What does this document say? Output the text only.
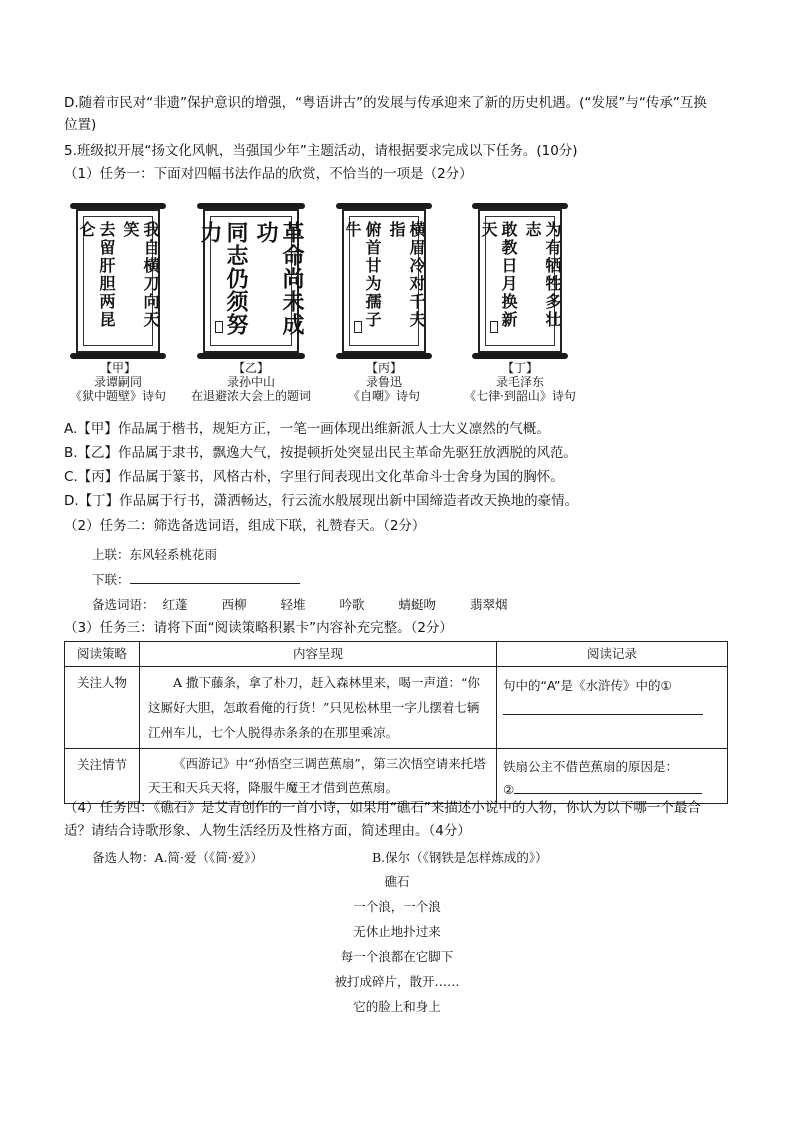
D.随着市民对“非遗”保护意识的增强，“粤语讲古”的发展与传承迎来了新的历史机遇。(“发展”与“传承”互换
位置)
5.班级拟开展“扬文化风帆，当强国少年”主题活动，请根据要求完成以下任务。(10分)
（1）任务一：下面对四幅书法作品的欣赏，不恰当的一项是（2分）
我自横刀向天笑
去留肝胆两昆仑	革命尚未成功
同志仍须努力	横眉冷对千夫指
俯首甘为孺子牛	为有牺牲多壮志
敢教日月换新天
【甲】
录谭嗣同
《狱中题壁》诗句
【乙】
录孙中山
在退避浓大会上的题词
【丙】
录鲁迅
《自嘲》诗句
【丁】
录毛泽东
《七律·到韶山》诗句
A.【甲】作品属于楷书，规矩方正，一笔一画体现出维新派人士大义凛然的气概。
B.【乙】作品属于隶书，飘逸大气，按提顿折处突显出民主革命先驱狂放洒脱的风范。
C.【丙】作品属于篆书，风格古朴，字里行间表现出文化革命斗士舍身为国的胸怀。
D.【丁】作品属于行书，潇洒畅达，行云流水般展现出新中国缔造者改天换地的豪情。
（2）任务二：筛选备选词语，组成下联，礼赞春天。（2分）
上联：东风轻系桃花雨
下联：
备选词语： 红蓬	西柳	轻堆	吟歌	蜻蜓吻	翡翠烟
（3）任务三：请将下面“阅读策略积累卡”内容补充完整。（2分）
阅读策略	内容呈现	阅读记录
关注人物	A 撒下藤条，拿了朴刀，赶入森林里来，喝一声道：“你这厮好大胆，怎敢看俺的行货！”只见松林里一字儿摆着七辆江州车儿，七个人脱得赤条条的在那里乘凉。	句中的“A”是《水浒传》中的①

关注情节	《西游记》中“孙悟空三调芭蕉扇”，第三次悟空请来托塔天王和天兵天将，降服牛魔王才借到芭蕉扇。	铁扇公主不借芭蕉扇的原因是：
②
（4）任务四：《礁石》是艾青创作的一首小诗，如果用“礁石”来描述小说中的人物，你认为以下哪一个最合
适？请结合诗歌形象、人物生活经历及性格方面，简述理由。（4分）
备选人物：A.简·爱（《简·爱》）	B.保尔（《钢铁是怎样炼成的》）
礁石
一个浪，一个浪
无休止地扑过来
每一个浪都在它脚下
被打成碎片，散开……
它的脸上和身上
